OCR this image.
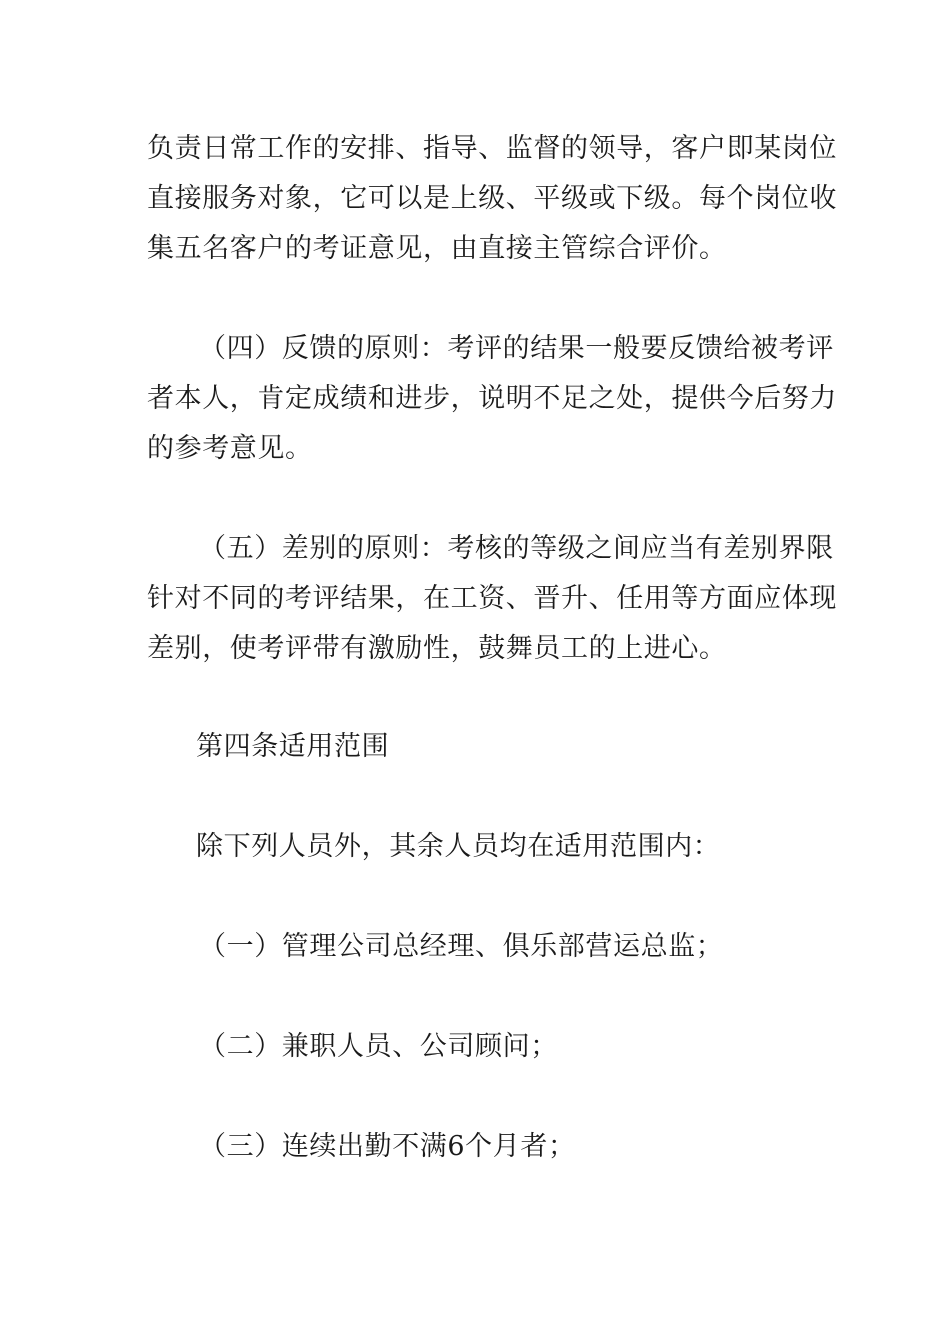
负责日常工作的安排、指导、监督的领导，客户即某岗位
直接服务对象，它可以是上级、平级或下级。每个岗位收
集五名客户的考证意见，由直接主管综合评价。
（四）反馈的原则：考评的结果一般要反馈给被考评
者本人，肯定成绩和进步，说明不足之处，提供今后努力
的参考意见。
（五）差别的原则：考核的等级之间应当有差别界限
针对不同的考评结果，在工资、晋升、任用等方面应体现
差别，使考评带有激励性，鼓舞员工的上进心。
第四条适用范围
除下列人员外，其余人员均在适用范围内：
（一）管理公司总经理、俱乐部营运总监；
（二）兼职人员、公司顾问；
（三）连续出勤不满6个月者；
